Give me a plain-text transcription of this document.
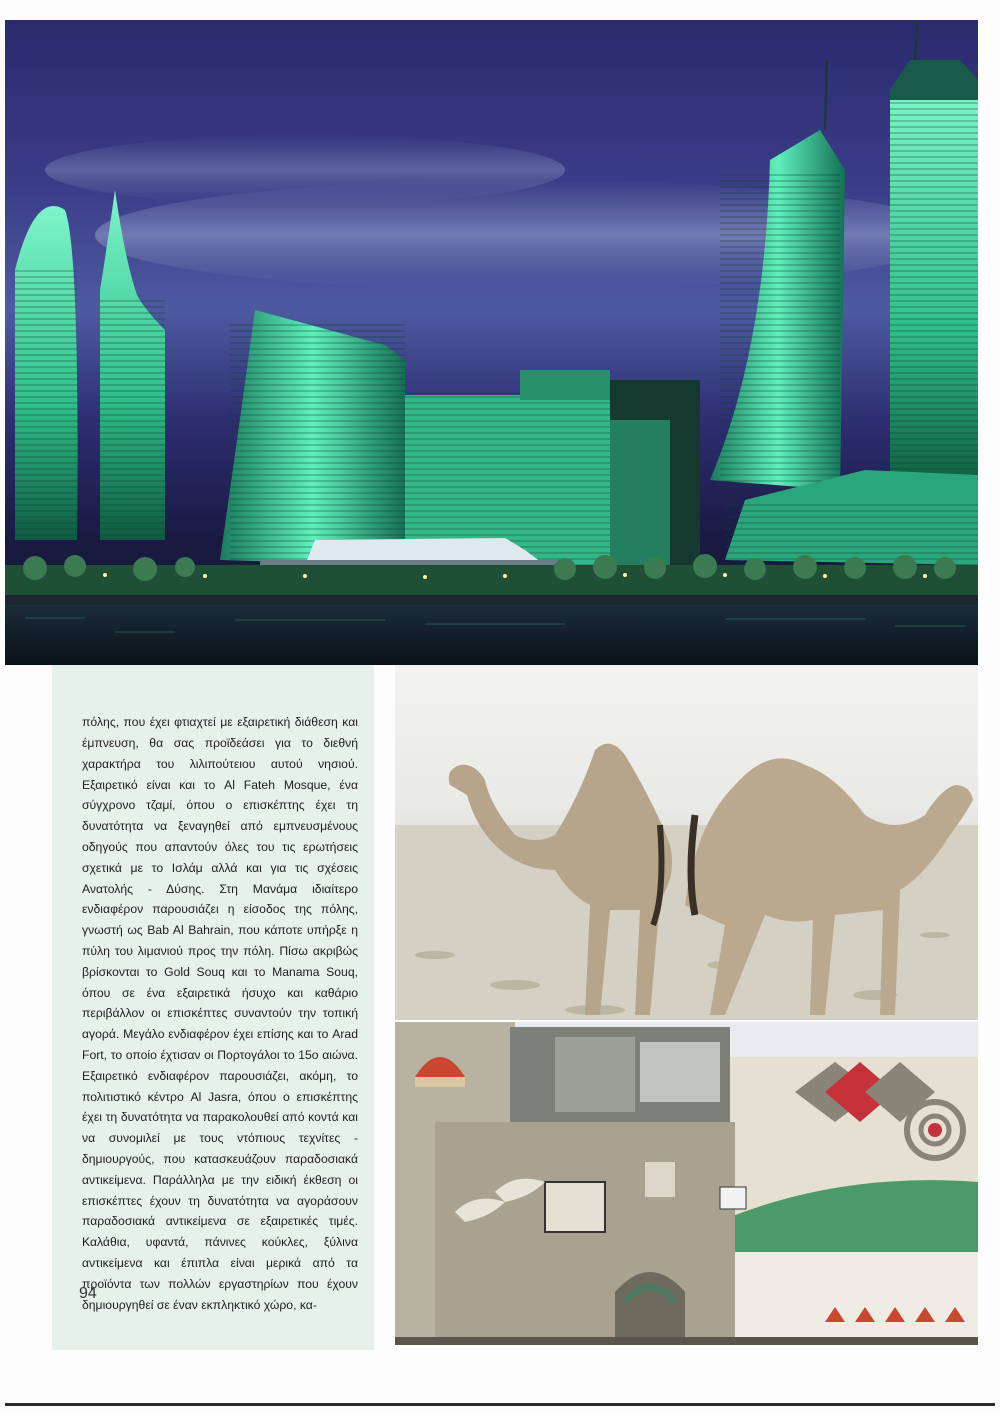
πόλης, που έχει φτιαχτεί με εξαιρετική διάθεση και έμπνευση, θα σας προϊδεάσει για το διεθνή χαρακτήρα του λιλιπούτειου αυτού νησιού. Εξαιρετικό είναι και το Al Fateh Mosque, ένα σύγχρονο τζαμί, όπου ο επισκέπτης έχει τη δυνατότητα να ξεναγηθεί από εμπνευσμένους οδηγούς που απαντούν όλες του τις ερωτήσεις σχετικά με το Ισλάμ αλλά και για τις σχέσεις Ανατολής - Δύσης. Στη Μανάμα ιδιαίτερο ενδιαφέρον παρουσιάζει η είσοδος της πόλης, γνωστή ως Bab Al Bahrain, που κάποτε υπήρξε η πύλη του λιμανιού προς την πόλη. Πίσω ακριβώς βρίσκονται το Gold Souq και το Manama Souq, όπου σε ένα εξαιρετικά ήσυχο και καθάριο περιβάλλον οι επισκέπτες συναντούν την τοπική αγορά. Μεγάλο ενδιαφέρον έχει επίσης και το Arad Fort, το οποίο έχτισαν οι Πορτογάλοι το 15ο αιώνα. Εξαιρετικό ενδιαφέρον παρουσιάζει, ακόμη, το πολιτιστικό κέντρο Al Jasra, όπου ο επισκέπτης έχει τη δυνατότητα να παρακολουθεί από κοντά και να συνομιλεί με τους ντόπιους τεχνίτες - δημιουργούς, που κατασκευάζουν παραδοσιακά αντικείμενα. Παράλληλα με την ειδική έκθεση οι επισκέπτες έχουν τη δυνατότητα να αγοράσουν παραδοσιακά αντικείμενα σε εξαιρετικές τιμές. Καλάθια, υφαντά, πάνινες κούκλες, ξύλινα αντικείμενα και έπιπλα είναι μερικά από τα προϊόντα των πολλών εργαστηρίων που έχουν δημιουργηθεί σε έναν εκπληκτικό χώρο, κα-

94
